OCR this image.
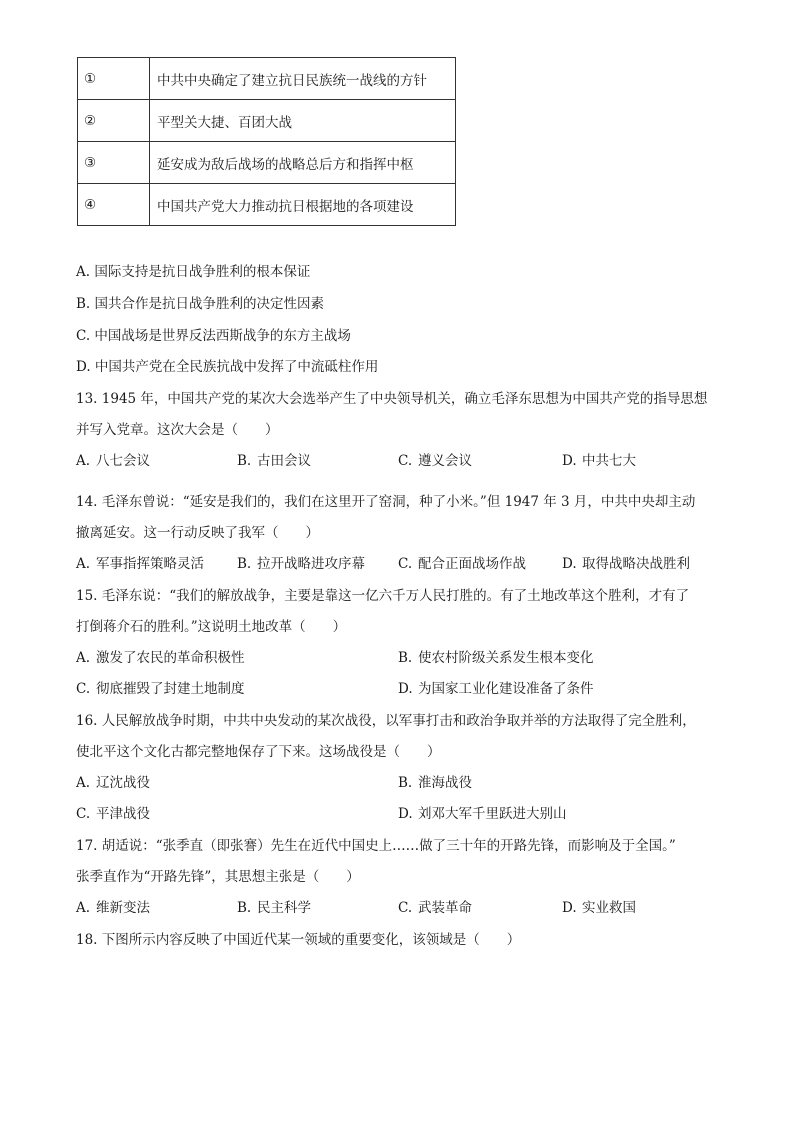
①	中共中央确定了建立抗日民族统一战线的方针
②	平型关大捷、百团大战
③	延安成为敌后战场的战略总后方和指挥中枢
④	中国共产党大力推动抗日根据地的各项建设
A. 国际支持是抗日战争胜利的根本保证
B. 国共合作是抗日战争胜利的决定性因素
C. 中国战场是世界反法西斯战争的东方主战场
D. 中国共产党在全民族抗战中发挥了中流砥柱作用
13. 1945 年，中国共产党的某次大会选举产生了中央领导机关，确立毛泽东思想为中国共产党的指导思想
并写入党章。这次大会是（　　）
A. 八七会议	B. 古田会议	C. 遵义会议	D. 中共七大
14. 毛泽东曾说：“延安是我们的，我们在这里开了窑洞，种了小米。”但 1947 年 3 月，中共中央却主动
撤离延安。这一行动反映了我军（　　）
A. 军事指挥策略灵活 B. 拉开战略进攻序幕 C. 配合正面战场作战	D. 取得战略决战胜利
15. 毛泽东说：“我们的解放战争，主要是靠这一亿六千万人民打胜的。有了土地改革这个胜利，才有了
打倒蒋介石的胜利。”这说明土地改革（　　）
A. 激发了农民的革命积极性	B. 使农村阶级关系发生根本变化
C. 彻底摧毁了封建土地制度	D. 为国家工业化建设准备了条件
16. 人民解放战争时期，中共中央发动的某次战役，以军事打击和政治争取并举的方法取得了完全胜利，
使北平这个文化古都完整地保存了下来。这场战役是（　　）
A. 辽沈战役	B. 淮海战役
C. 平津战役	D. 刘邓大军千里跃进大别山
17. 胡适说：“张季直（即张謇）先生在近代中国史上……做了三十年的开路先锋，而影响及于全国。”
张季直作为“开路先锋”，其思想主张是（　　）
A. 维新变法	B. 民主科学	C. 武装革命	D. 实业救国
18. 下图所示内容反映了中国近代某一领域的重要变化，该领域是（　　）
